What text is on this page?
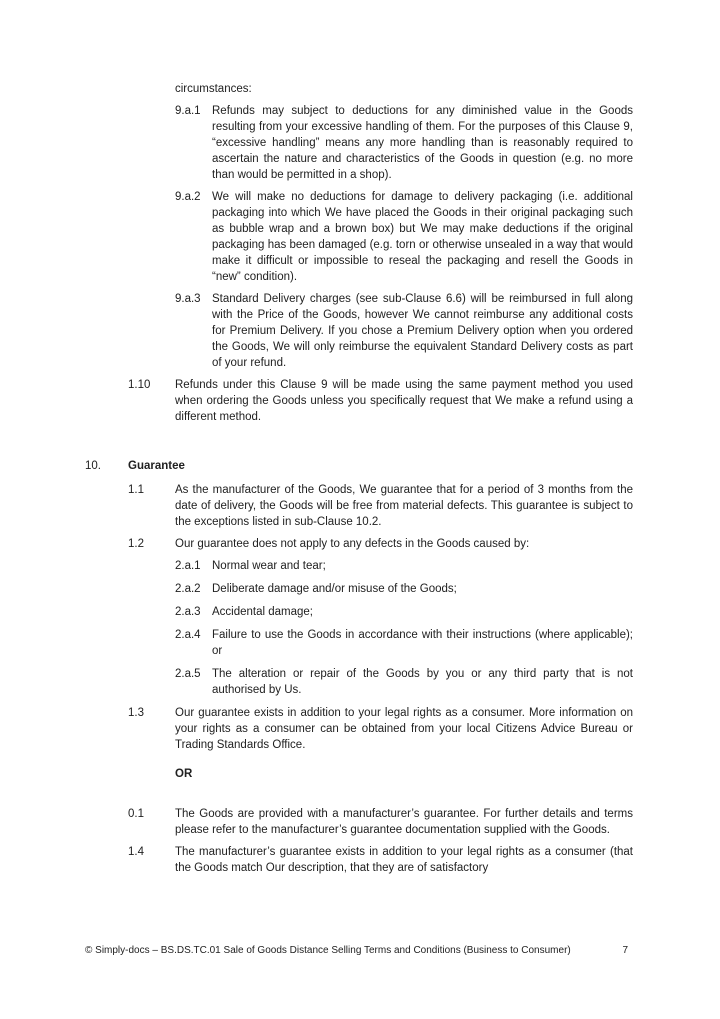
circumstances:
9.a.1 Refunds may subject to deductions for any diminished value in the Goods resulting from your excessive handling of them. For the purposes of this Clause 9, “excessive handling” means any more handling than is reasonably required to ascertain the nature and characteristics of the Goods in question (e.g. no more than would be permitted in a shop).
9.a.2 We will make no deductions for damage to delivery packaging (i.e. additional packaging into which We have placed the Goods in their original packaging such as bubble wrap and a brown box) but We may make deductions if the original packaging has been damaged (e.g. torn or otherwise unsealed in a way that would make it difficult or impossible to reseal the packaging and resell the Goods in “new” condition).
9.a.3 Standard Delivery charges (see sub-Clause 6.6) will be reimbursed in full along with the Price of the Goods, however We cannot reimburse any additional costs for Premium Delivery. If you chose a Premium Delivery option when you ordered the Goods, We will only reimburse the equivalent Standard Delivery costs as part of your refund.
1.10	Refunds under this Clause 9 will be made using the same payment method you used when ordering the Goods unless you specifically request that We make a refund using a different method.
10.	Guarantee
1.1	As the manufacturer of the Goods, We guarantee that for a period of 3 months from the date of delivery, the Goods will be free from material defects. This guarantee is subject to the exceptions listed in sub-Clause 10.2.
1.2	Our guarantee does not apply to any defects in the Goods caused by:
2.a.1 Normal wear and tear;
2.a.2 Deliberate damage and/or misuse of the Goods;
2.a.3 Accidental damage;
2.a.4 Failure to use the Goods in accordance with their instructions (where applicable); or
2.a.5 The alteration or repair of the Goods by you or any third party that is not authorised by Us.
1.3	Our guarantee exists in addition to your legal rights as a consumer. More information on your rights as a consumer can be obtained from your local Citizens Advice Bureau or Trading Standards Office.
OR
0.1	The Goods are provided with a manufacturer’s guarantee. For further details and terms please refer to the manufacturer’s guarantee documentation supplied with the Goods.
1.4	The manufacturer’s guarantee exists in addition to your legal rights as a consumer (that the Goods match Our description, that they are of satisfactory
© Simply-docs – BS.DS.TC.01 Sale of Goods Distance Selling Terms and Conditions (Business to Consumer)	7
